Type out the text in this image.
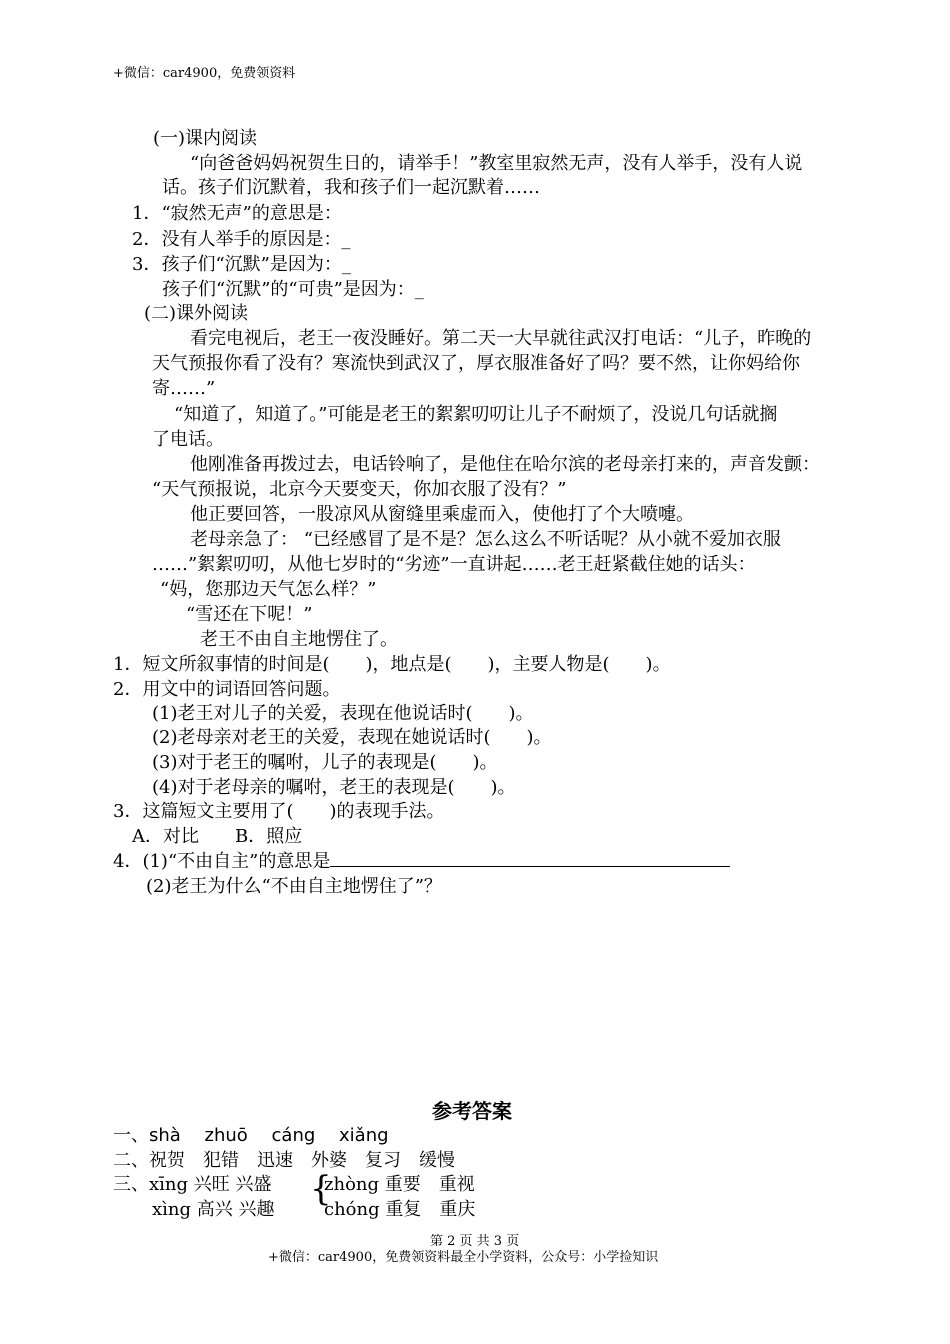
+微信：car4900，免费领资料
(一)课内阅读
“向爸爸妈妈祝贺生日的，请举手！”教室里寂然无声，没有人举手，没有人说
话。孩子们沉默着，我和孩子们一起沉默着……
1．“寂然无声”的意思是：
2．没有人举手的原因是：_
3．孩子们“沉默”是因为：_
孩子们“沉默”的“可贵”是因为：_
(二)课外阅读
看完电视后，老王一夜没睡好。第二天一大早就往武汉打电话：“儿子，昨晚的
天气预报你看了没有？寒流快到武汉了，厚衣服准备好了吗？要不然，让你妈给你
寄……”
“知道了，知道了。”可能是老王的絮絮叨叨让儿子不耐烦了，没说几句话就搁
了电话。
他刚准备再拨过去，电话铃响了，是他住在哈尔滨的老母亲打来的，声音发颤：
“天气预报说，北京今天要变天，你加衣服了没有？”
他正要回答，一股凉风从窗缝里乘虚而入，使他打了个大喷嚏。
老母亲急了： “已经感冒了是不是？怎么这么不听话呢？从小就不爱加衣服
……”絮絮叨叨，从他七岁时的“劣迹”一直讲起……老王赶紧截住她的话头：
“妈，您那边天气怎么样？”
“雪还在下呢！”
老王不由自主地愣住了。
1．短文所叙事情的时间是(　　)，地点是(　　)，主要人物是(　　)。
2．用文中的词语回答问题。
(1)老王对儿子的关爱，表现在他说话时(　　)。
(2)老母亲对老王的关爱，表现在她说话时(　　)。
(3)对于老王的嘱咐，儿子的表现是(　　)。
(4)对于老母亲的嘱咐，老王的表现是(　　)。
3．这篇短文主要用了(　　)的表现手法。
A．对比　　B．照应
4．(1)“不由自主”的意思是
(2)老王为什么“不由自主地愣住了”？
参考答案
一、shà　 zhuō　 cáng　 xiǎng
二、祝贺　犯错　迅速　外婆　复习　缓慢
三、xīng 兴旺 兴盛 {
zhòng 重要　重视
xìng 高兴 兴趣	chóng 重复　重庆
第 2 页 共 3 页
+微信：car4900，免费领资料最全小学资料，公众号：小学捡知识
